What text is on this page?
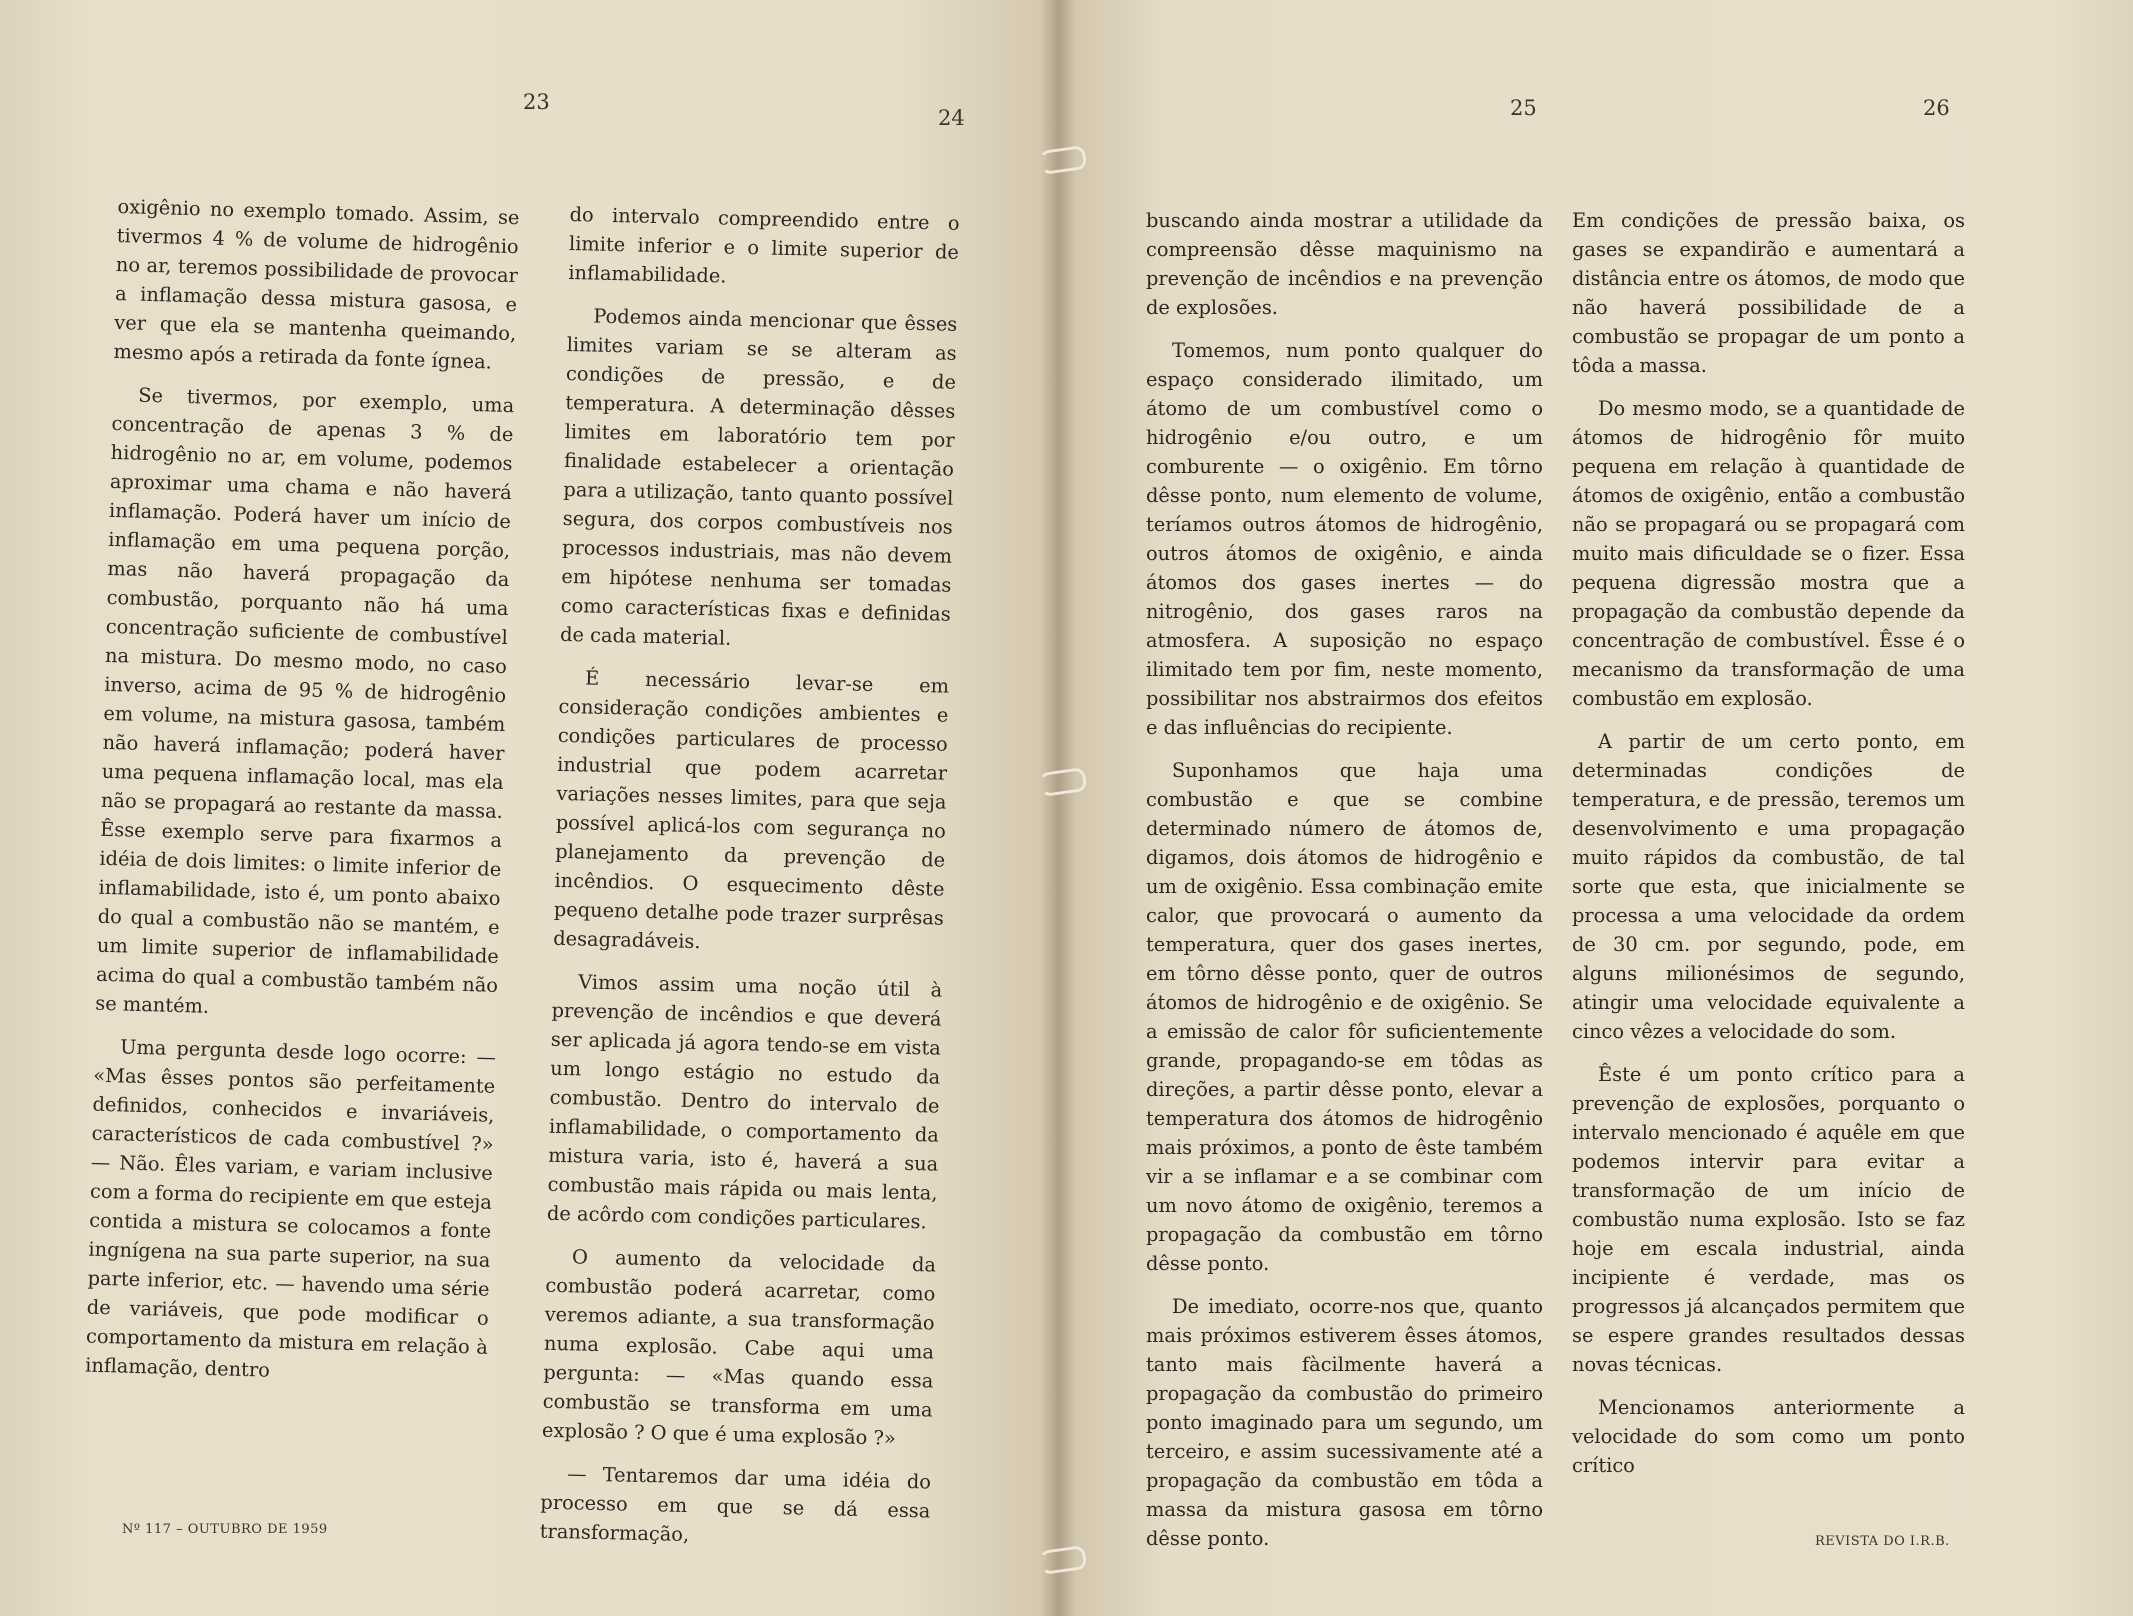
23
24	25	26

oxigênio no exemplo tomado. Assim, se tivermos 4 % de volume de hidrogênio no ar, teremos possibilidade de provocar a inflamação dessa mistura gasosa, e ver que ela se mantenha queimando, mesmo após a retirada da fonte ígnea.

Se tivermos, por exemplo, uma concentração de apenas 3 % de hidrogênio no ar, em volume, podemos aproximar uma chama e não haverá inflamação. Poderá haver um início de inflamação em uma pequena porção, mas não haverá propagação da combustão, porquanto não há uma concentração suficiente de combustível na mistura. Do mesmo modo, no caso inverso, acima de 95 % de hidrogênio em volume, na mistura gasosa, também não haverá inflamação; poderá haver uma pequena inflamação local, mas ela não se propagará ao restante da massa. Êsse exemplo serve para fixarmos a idéia de dois limites: o limite inferior de inflamabilidade, isto é, um ponto abaixo do qual a combustão não se mantém, e um limite superior de inflamabilidade acima do qual a combustão também não se mantém.

Uma pergunta desde logo ocorre: — «Mas êsses pontos são perfeitamente definidos, conhecidos e invariáveis, característicos de cada combustível ?» — Não. Êles variam, e variam inclusive com a forma do recipiente em que esteja contida a mistura se colocamos a fonte ingnígena na sua parte superior, na sua parte inferior, etc. — havendo uma série de variáveis, que pode modificar o comportamento da mistura em relação à inflamação, dentro

do intervalo compreendido entre o limite inferior e o limite superior de inflamabilidade.

Podemos ainda mencionar que êsses limites variam se se alteram as condições de pressão, e de temperatura. A determinação dêsses limites em laboratório tem por finalidade estabelecer a orientação para a utilização, tanto quanto possível segura, dos corpos combustíveis nos processos industriais, mas não devem em hipótese nenhuma ser tomadas como características fixas e definidas de cada material.

É necessário levar-se em consideração condições ambientes e condições particulares de processo industrial que podem acarretar variações nesses limites, para que seja possível aplicá-los com segurança no planejamento da prevenção de incêndios. O esquecimento dêste pequeno detalhe pode trazer surprêsas desagradáveis.

Vimos assim uma noção útil à prevenção de incêndios e que deverá ser aplicada já agora tendo-se em vista um longo estágio no estudo da combustão. Dentro do intervalo de inflamabilidade, o comportamento da mistura varia, isto é, haverá a sua combustão mais rápida ou mais lenta, de acôrdo com condições particulares.

O aumento da velocidade da combustão poderá acarretar, como veremos adiante, a sua transformação numa explosão. Cabe aqui uma pergunta: — «Mas quando essa combustão se transforma em uma explosão ? O que é uma explosão ?»

— Tentaremos dar uma idéia do processo em que se dá essa transformação,

buscando ainda mostrar a utilidade da compreensão dêsse maquinismo na prevenção de incêndios e na prevenção de explosões.

Tomemos, num ponto qualquer do espaço considerado ilimitado, um átomo de um combustível como o hidrogênio e/ou outro, e um comburente — o oxigênio. Em tôrno dêsse ponto, num elemento de volume, teríamos outros átomos de hidrogênio, outros átomos de oxigênio, e ainda átomos dos gases inertes — do nitrogênio, dos gases raros na atmosfera. A suposição no espaço ilimitado tem por fim, neste momento, possibilitar nos abstrairmos dos efeitos e das influências do recipiente.

Suponhamos que haja uma combustão e que se combine determinado número de átomos de, digamos, dois átomos de hidrogênio e um de oxigênio. Essa combinação emite calor, que provocará o aumento da temperatura, quer dos gases inertes, em tôrno dêsse ponto, quer de outros átomos de hidrogênio e de oxigênio. Se a emissão de calor fôr suficientemente grande, propagando-se em tôdas as direções, a partir dêsse ponto, elevar a temperatura dos átomos de hidrogênio mais próximos, a ponto de êste também vir a se inflamar e a se combinar com um novo átomo de oxigênio, teremos a propagação da combustão em tôrno dêsse ponto.

De imediato, ocorre-nos que, quanto mais próximos estiverem êsses átomos, tanto mais fàcilmente haverá a propagação da combustão do primeiro ponto imaginado para um segundo, um terceiro, e assim sucessivamente até a propagação da combustão em tôda a massa da mistura gasosa em tôrno dêsse ponto.

Em condições de pressão baixa, os gases se expandirão e aumentará a distância entre os átomos, de modo que não haverá possibilidade de a combustão se propagar de um ponto a tôda a massa.

Do mesmo modo, se a quantidade de átomos de hidrogênio fôr muito pequena em relação à quantidade de átomos de oxigênio, então a combustão não se propagará ou se propagará com muito mais dificuldade se o fizer. Essa pequena digressão mostra que a propagação da combustão depende da concentração de combustível. Êsse é o mecanismo da transformação de uma combustão em explosão.

A partir de um certo ponto, em determinadas condições de temperatura, e de pressão, teremos um desenvolvimento e uma propagação muito rápidos da combustão, de tal sorte que esta, que inicialmente se processa a uma velocidade da ordem de 30 cm. por segundo, pode, em alguns milionésimos de segundo, atingir uma velocidade equivalente a cinco vêzes a velocidade do som.

Êste é um ponto crítico para a prevenção de explosões, porquanto o intervalo mencionado é aquêle em que podemos intervir para evitar a transformação de um início de combustão numa explosão. Isto se faz hoje em escala industrial, ainda incipiente é verdade, mas os progressos já alcançados permitem que se espere grandes resultados dessas novas técnicas.

Mencionamos anteriormente a velocidade do som como um ponto crítico

Nº 117 – OUTUBRO DE 1959
REVISTA DO I.R.B.
